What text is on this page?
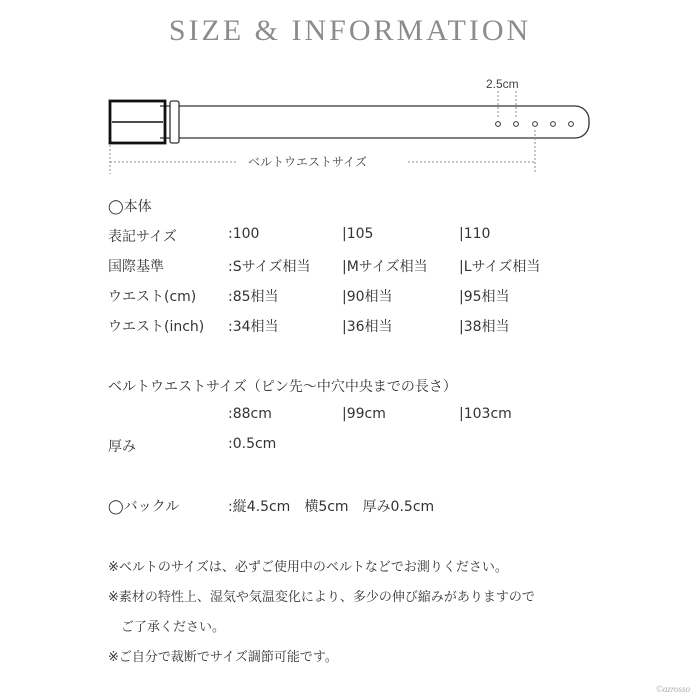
SIZE & INFORMATION
2.5cm
ベルトウエストサイズ
◯本体
表記サイズ	:100	|105	|110
国際基準	:Sサイズ相当 |Mサイズ相当 |Lサイズ相当
ウエスト(cm) :85相当	|90相当	|95相当
ウエスト(inch) :34相当	|36相当	|38相当
ベルトウエストサイズ（ピン先〜中穴中央までの長さ）
:88cm	|99cm	|103cm
厚み	:0.5cm
◯バックル	:縦4.5cm　横5cm　厚み0.5cm
※ベルトのサイズは、必ずご使用中のベルトなどでお測りください。
※素材の特性上、湿気や気温変化により、多少の伸び縮みがありますので
　ご了承ください。
※ご自分で裁断でサイズ調節可能です。
©azrosso
